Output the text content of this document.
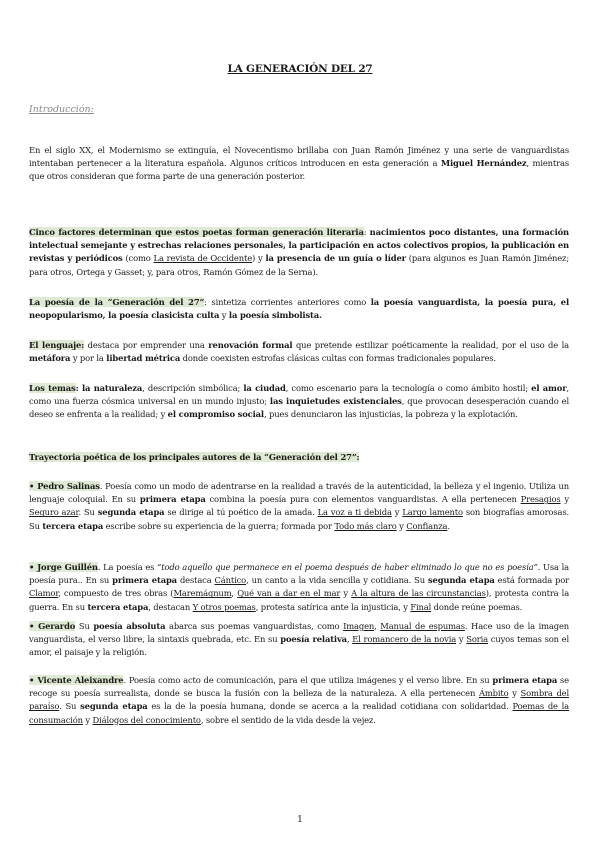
LA GENERACIÓN DEL 27
Introducción:

En el siglo XX, el Modernismo se extinguía, el Novecentismo brillaba con Juan Ramón Jiménez y una serie de vanguardistas intentaban pertenecer a la literatura española. Algunos críticos introducen en esta generación a Miguel Hernández, mientras que otros consideran que forma parte de una generación posterior.

Cinco factores determinan que estos poetas forman generación literaria: nacimientos poco distantes, una formación intelectual semejante y estrechas relaciones personales, la participación en actos colectivos propios, la publicación en revistas y periódicos (como La revista de Occidente) y la presencia de un guía o líder (para algunos es Juan Ramón Jiménez; para otros, Ortega y Gasset; y, para otros, Ramón Gómez de la Serna).

La poesía de la “Generación del 27”: sintetiza corrientes anteriores como la poesía vanguardista, la poesía pura, el neopopularismo, la poesía clasicista culta y la poesía simbolista.

El lenguaje: destaca por emprender una renovación formal que pretende estilizar poéticamente la realidad, por el uso de la metáfora y por la libertad métrica donde coexisten estrofas clásicas cultas con formas tradicionales populares.

Los temas: la naturaleza, descripción simbólica; la ciudad, como escenario para la tecnología o como ámbito hostil; el amor, como una fuerza cósmica universal en un mundo injusto; las inquietudes existenciales, que provocan desesperación cuando el deseo se enfrenta a la realidad; y el compromiso social, pues denunciaron las injusticias, la pobreza y la explotación.

Trayectoria poética de los principales autores de la “Generación del 27”:

• Pedro Salinas. Poesía como un modo de adentrarse en la realidad a través de la autenticidad, la belleza y el ingenio. Utiliza un lenguaje coloquial. En su primera etapa combina la poesía pura con elementos vanguardistas. A ella pertenecen Presagios y Seguro azar. Su segunda etapa se dirige al tú poético de la amada. La voz a ti debida y Largo lamento son biografías amorosas. Su tercera etapa escribe sobre su experiencia de la guerra; formada por Todo más claro y Confianza.

• Jorge Guillén. La poesía es “todo aquello que permanece en el poema después de haber eliminado lo que no es poesía”. Usa la poesía pura.. En su primera etapa destaca Cántico, un canto a la vida sencilla y cotidiana. Su segunda etapa está formada por Clamor, compuesto de tres obras (Maremágnum, Qué van a dar en el mar y A la altura de las circunstancias), protesta contra la guerra. En su tercera etapa, destacan Y otros poemas, protesta satírica ante la injusticia, y Final donde reúne poemas.

• Gerardo Su poesía absoluta abarca sus poemas vanguardistas, como Imagen, Manual de espumas. Hace uso de la imagen vanguardista, el verso libre, la sintaxis quebrada, etc. En su poesía relativa, El romancero de la novia y Soria cuyos temas son el amor, el paisaje y la religión.

• Vicente Aleixandre. Poesía como acto de comunicación, para el que utiliza imágenes y el verso libre. En su primera etapa se recoge su poesía surrealista, donde se busca la fusión con la belleza de la naturaleza. A ella pertenecen Ámbito y Sombra del paraíso. Su segunda etapa es la de la poesía humana, donde se acerca a la realidad cotidiana con solidaridad. Poemas de la consumación y Diálogos del conocimiento, sobre el sentido de la vida desde la vejez.

1
